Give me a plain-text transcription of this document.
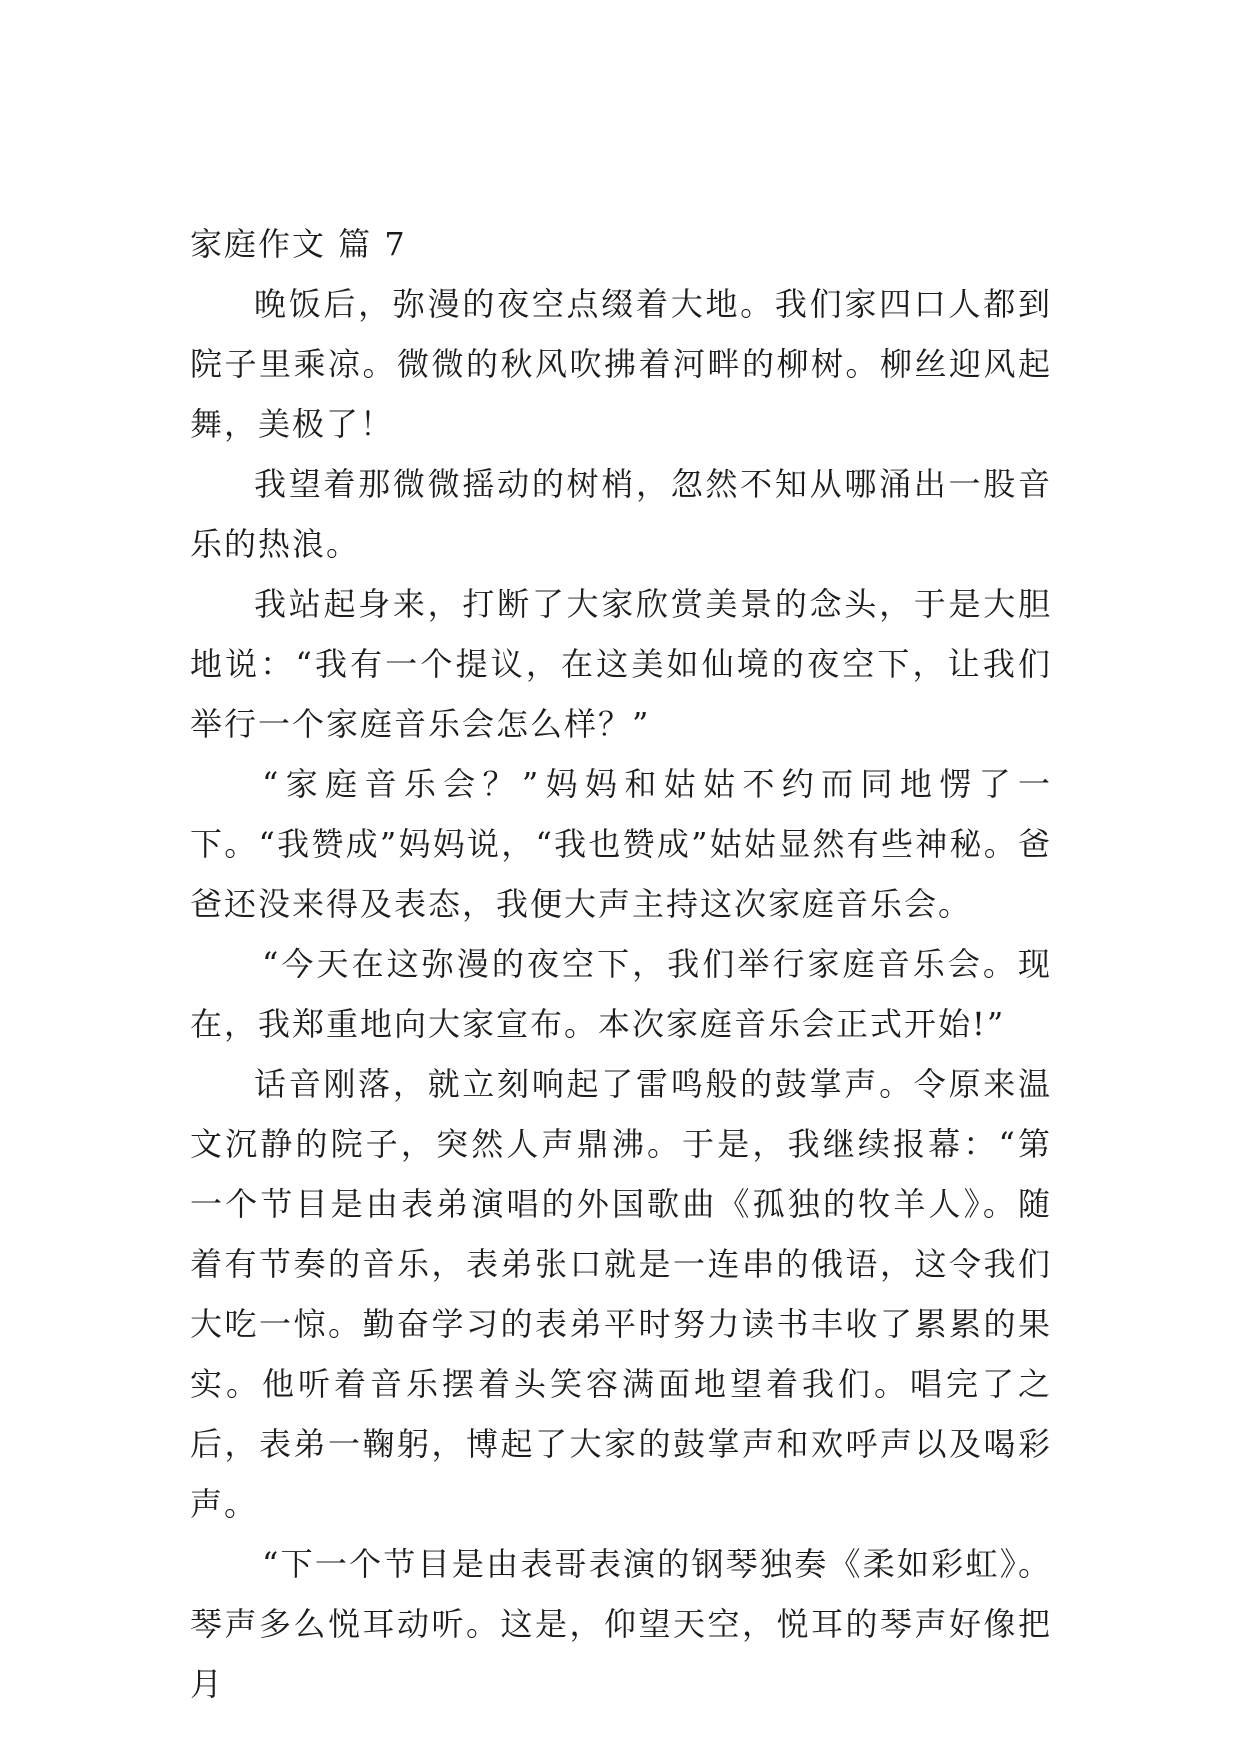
家庭作文 篇 7

晚饭后，弥漫的夜空点缀着大地。我们家四口人都到院子里乘凉。微微的秋风吹拂着河畔的柳树。柳丝迎风起舞，美极了！

我望着那微微摇动的树梢，忽然不知从哪涌出一股音乐的热浪。

我站起身来，打断了大家欣赏美景的念头，于是大胆地说：“我有一个提议，在这美如仙境的夜空下，让我们举行一个家庭音乐会怎么样？”

“家庭音乐会？”妈妈和姑姑不约而同地愣了一下。“我赞成”妈妈说，“我也赞成”姑姑显然有些神秘。爸爸还没来得及表态，我便大声主持这次家庭音乐会。

“今天在这弥漫的夜空下，我们举行家庭音乐会。现在，我郑重地向大家宣布。本次家庭音乐会正式开始!”

话音刚落，就立刻响起了雷鸣般的鼓掌声。令原来温文沉静的院子，突然人声鼎沸。于是，我继续报幕：“第一个节目是由表弟演唱的外国歌曲《孤独的牧羊人》。随着有节奏的音乐，表弟张口就是一连串的俄语，这令我们大吃一惊。勤奋学习的表弟平时努力读书丰收了累累的果实。他听着音乐摆着头笑容满面地望着我们。唱完了之后，表弟一鞠躬，博起了大家的鼓掌声和欢呼声以及喝彩声。

“下一个节目是由表哥表演的钢琴独奏《柔如彩虹》。琴声多么悦耳动听。这是，仰望天空，悦耳的琴声好像把月
